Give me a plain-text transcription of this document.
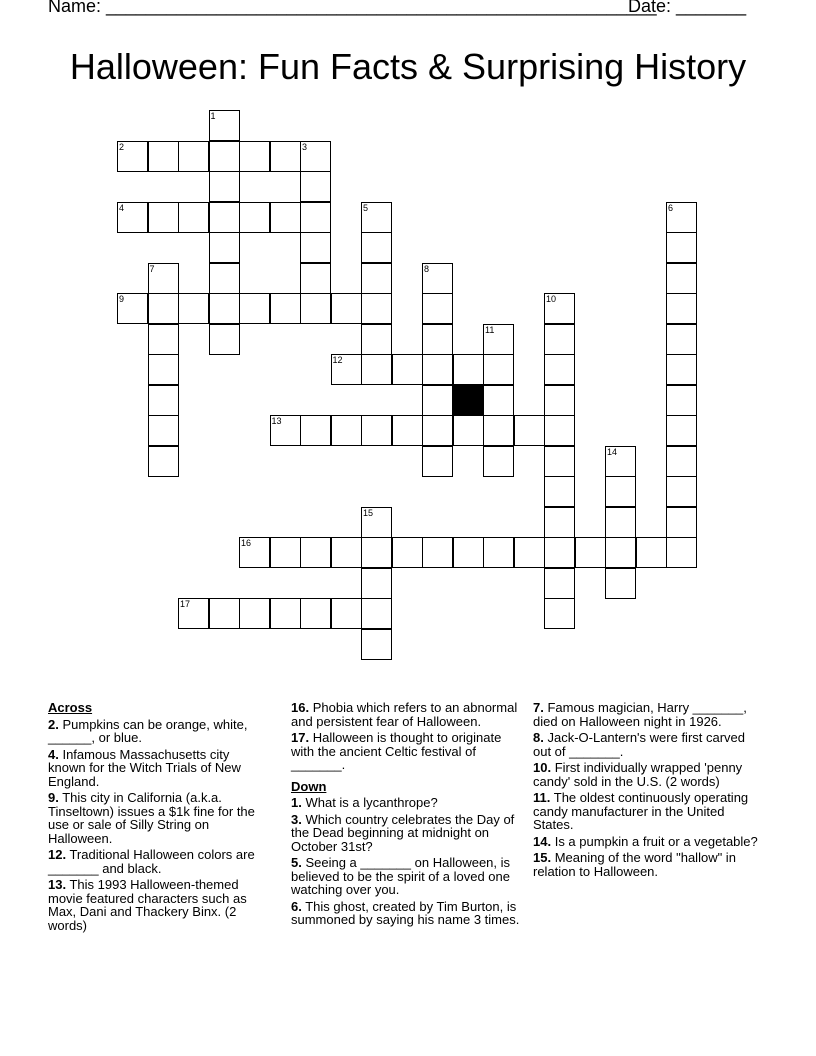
Name: _______________________________________________________
Date: _______
Halloween: Fun Facts & Surprising History
2
4
9
12
13
16
17
1
3
5	6
7	8
10
11
14
15
Across
2. Pumpkins can be orange, white, ______, or blue.
4. Infamous Massachusetts city known for the Witch Trials of New England.
9. This city in California (a.k.a. Tinseltown) issues a $1k fine for the use or sale of Silly String on Halloween.
12. Traditional Halloween colors are _______ and black.
13. This 1993 Halloween-themed movie featured characters such as Max, Dani and Thackery Binx. (2 words)
16. Phobia which refers to an abnormal and persistent fear of Halloween.
17. Halloween is thought to originate with the ancient Celtic festival of _______.
Down
1. What is a lycanthrope?
3. Which country celebrates the Day of the Dead beginning at midnight on October 31st?
5. Seeing a _______ on Halloween, is believed to be the spirit of a loved one watching over you.
6. This ghost, created by Tim Burton, is summoned by saying his name 3 times.
7. Famous magician, Harry _______, died on Halloween night in 1926.
8. Jack-O-Lantern's were first carved out of _______.
10. First individually wrapped 'penny candy' sold in the U.S. (2 words)
11. The oldest continuously operating candy manufacturer in the United States.
14. Is a pumpkin a fruit or a vegetable?
15. Meaning of the word "hallow" in relation to Halloween.
